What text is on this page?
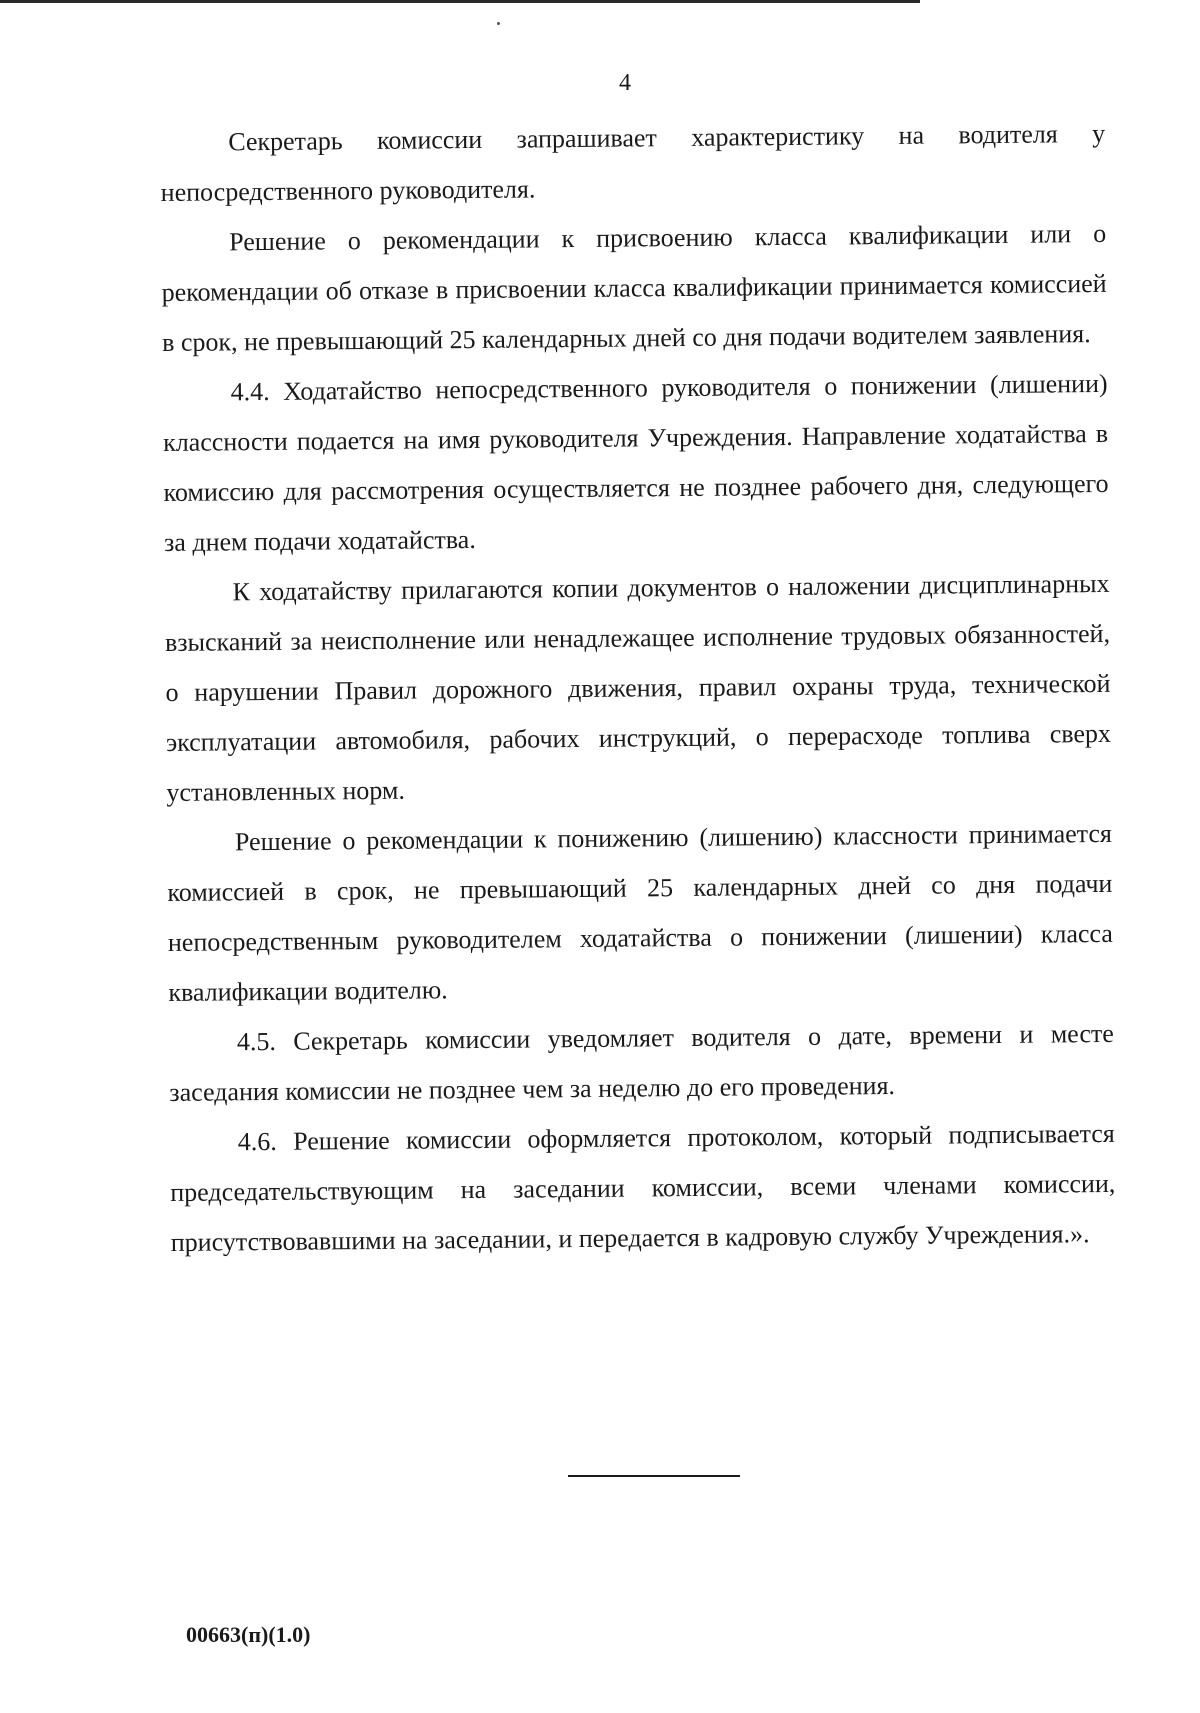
4

Секретарь комиссии запрашивает характеристику на водителя у непосредственного руководителя.

Решение о рекомендации к присвоению класса квалификации или о рекомендации об отказе в присвоении класса квалификации принимается комиссией в срок, не превышающий 25 календарных дней со дня подачи водителем заявления.

4.4. Ходатайство непосредственного руководителя о понижении (лишении) классности подается на имя руководителя Учреждения. Направление ходатайства в комиссию для рассмотрения осуществляется не позднее рабочего дня, следующего за днем подачи ходатайства.

К ходатайству прилагаются копии документов о наложении дисциплинарных взысканий за неисполнение или ненадлежащее исполнение трудовых обязанностей, о нарушении Правил дорожного движения, правил охраны труда, технической эксплуатации автомобиля, рабочих инструкций, о перерасходе топлива сверх установленных норм.

Решение о рекомендации к понижению (лишению) классности принимается комиссией в срок, не превышающий 25 календарных дней со дня подачи непосредственным руководителем ходатайства о понижении (лишении) класса квалификации водителю.

4.5. Секретарь комиссии уведомляет водителя о дате, времени и месте заседания комиссии не позднее чем за неделю до его проведения.

4.6. Решение комиссии оформляется протоколом, который подписывается председательствующим на заседании комиссии, всеми членами комиссии, присутствовавшими на заседании, и передается в кадровую службу Учреждения.».

00663(п)(1.0)
